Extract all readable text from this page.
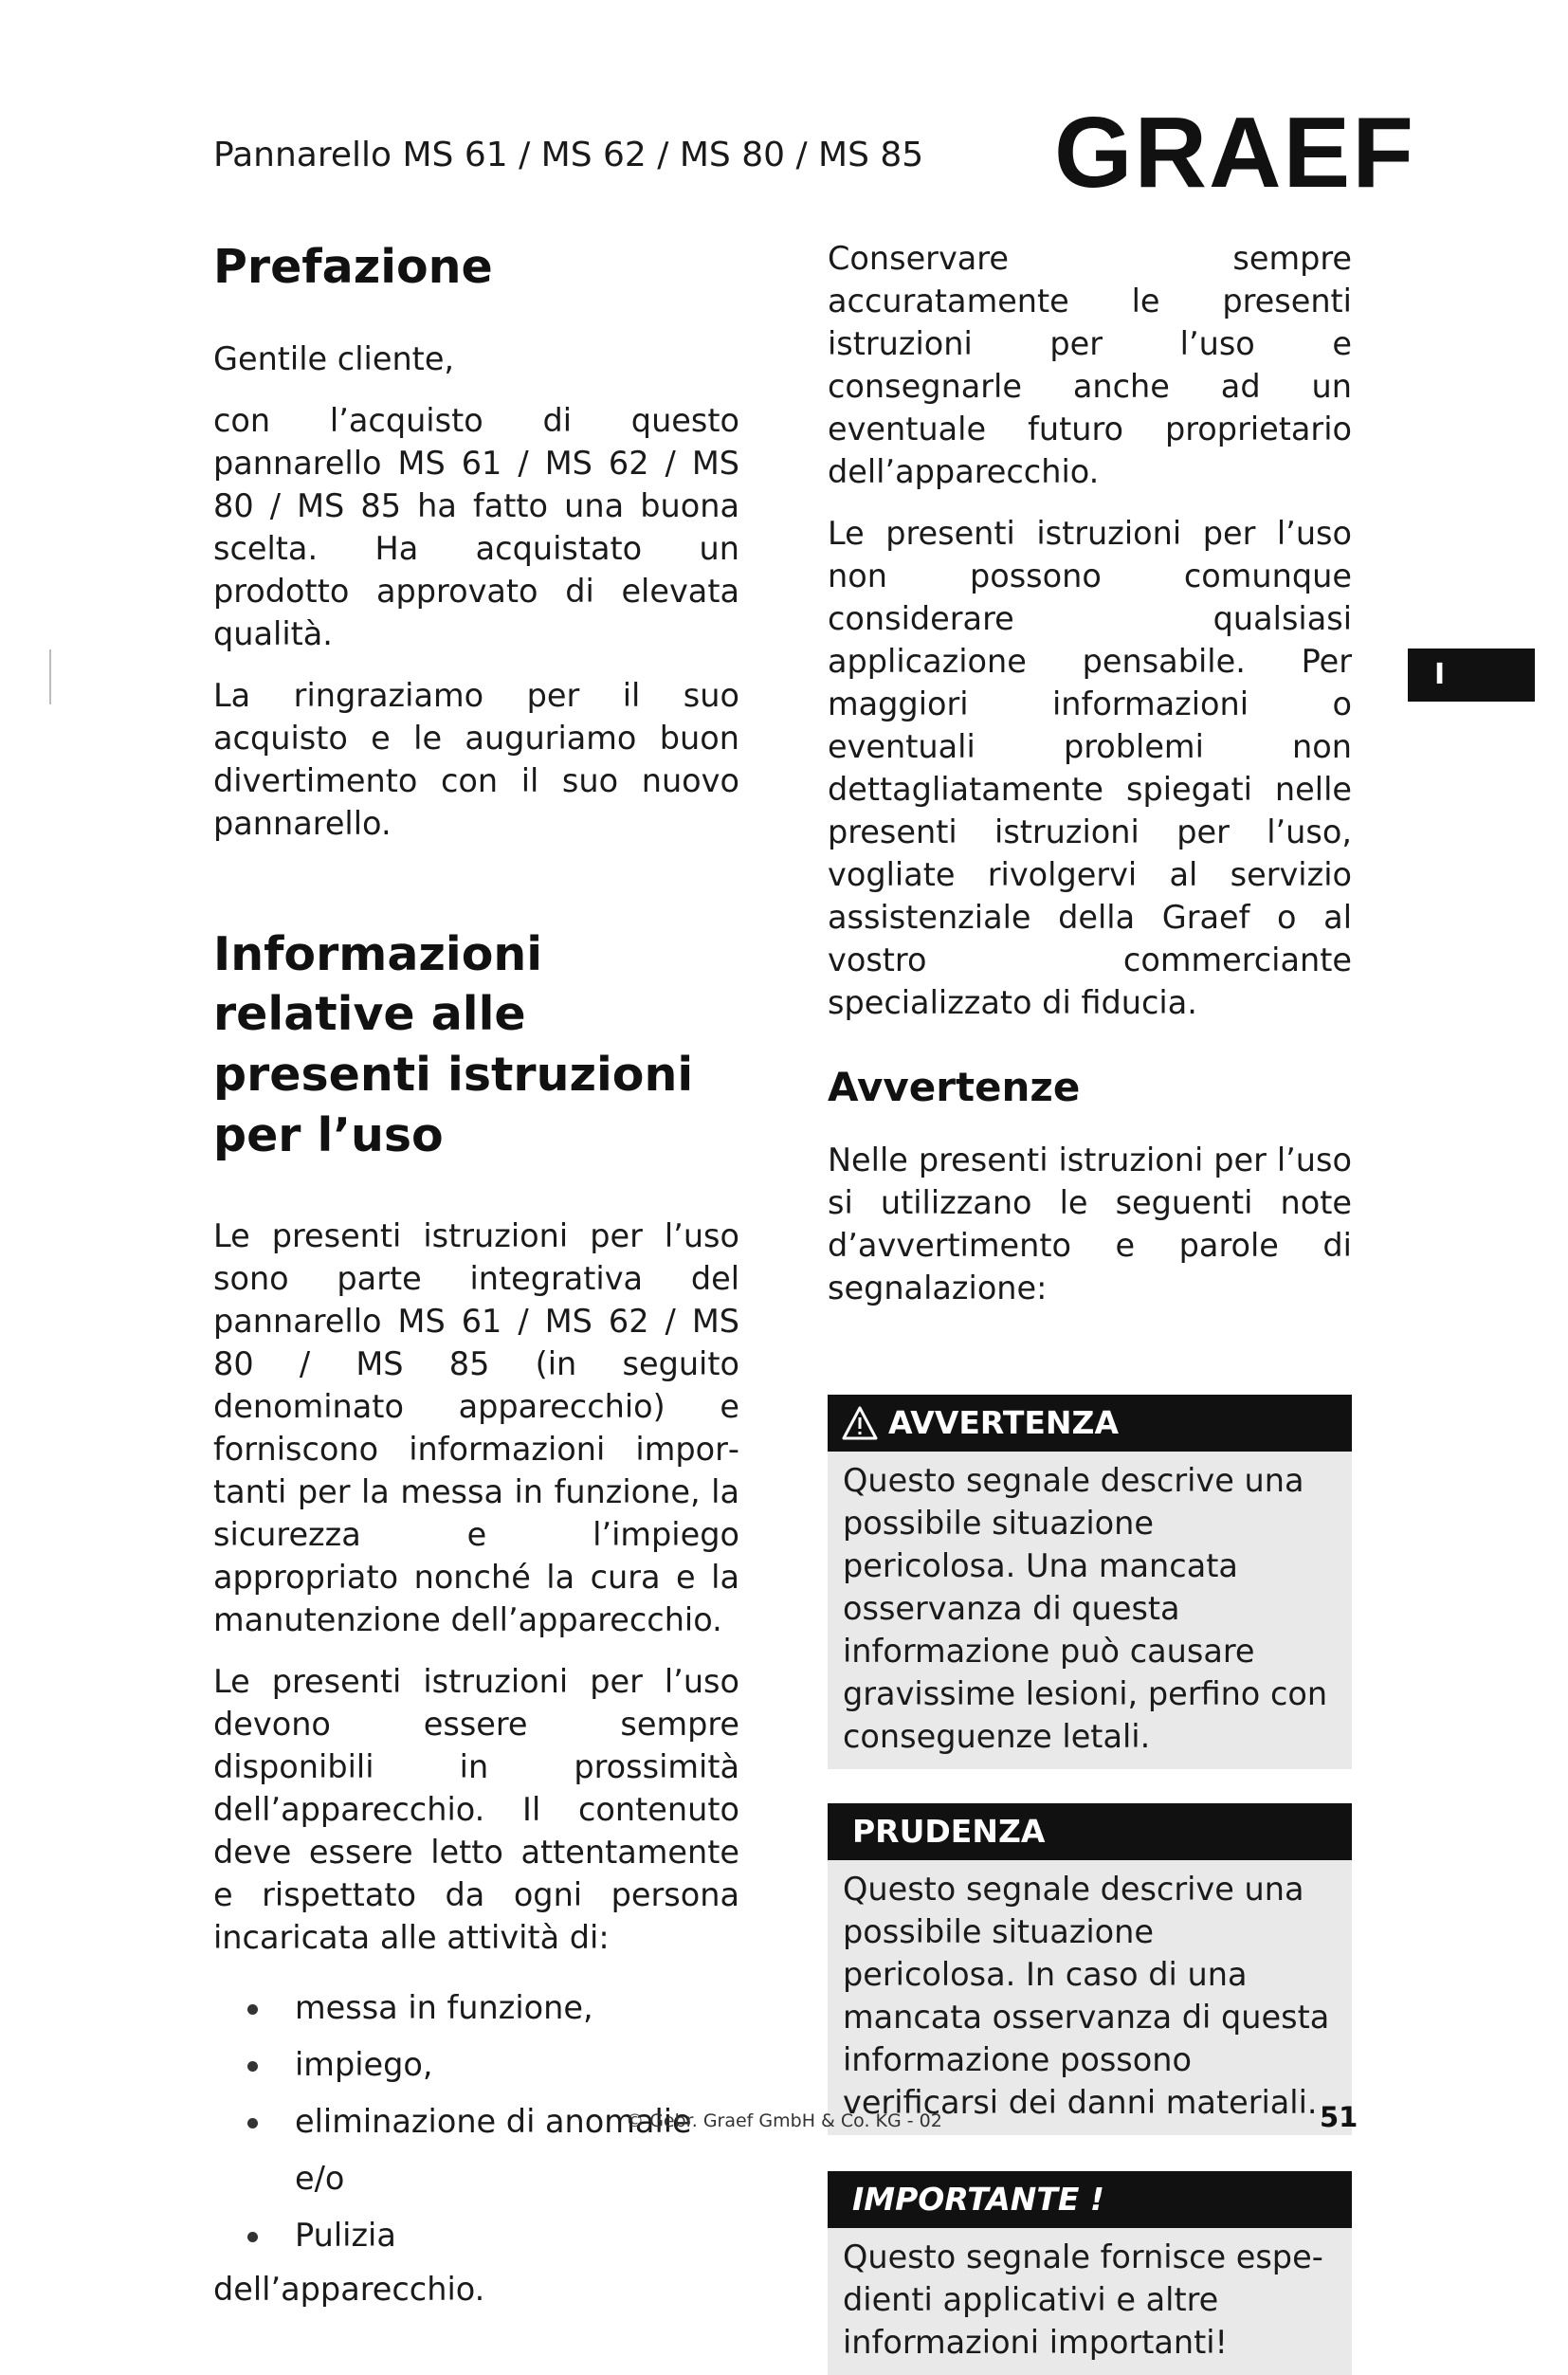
Pannarello MS 61 / MS 62 / MS 80 / MS 85 GRAEF
I
Prefazione

Gentile cliente,

con l’acquisto di questo pannarello MS 61 / MS 62 / MS 80 / MS 85 ha fatto una buona scelta. Ha acquistato un prodotto approvato di elevata qualità.

La ringraziamo per il suo acquisto e le auguriamo buon divertimento con il suo nuovo pannarello.

Informazioni relative alle presenti istruzioni per l’uso

Le presenti istruzioni per l’uso sono parte integrativa del pannarello MS 61 / MS 62 / MS 80 / MS 85 (in seguito denominato apparecchio) e forniscono informazioni importanti per la messa in funzione, la sicurezza e l’impiego appropriato nonché la cura e la manutenzione dell’apparecchio.

Le presenti istruzioni per l’uso devono essere sempre disponibili in prossimità dell’apparecchio. Il contenuto deve essere letto attentamente e rispettato da ogni persona incaricata alle attività di:

messa in funzione,
impiego,
eliminazione di anomalie e/o
Pulizia

dell’apparecchio.

Conservare sempre accuratamente le presenti istruzioni per l’uso e consegnarle anche ad un eventuale futuro proprietario dell’apparecchio.

Le presenti istruzioni per l’uso non possono comunque considerare qualsiasi applicazione pensabile. Per maggiori informazioni o eventuali problemi non dettagliatamente spiegati nelle presenti istruzioni per l’uso, vogliate rivolgervi al servizio assistenziale della Graef o al vostro commerciante specializzato di fiducia.

Avvertenze

Nelle presenti istruzioni per l’uso si utilizzano le seguenti note d’avvertimento e parole di segnalazione:

AVVERTENZA
Questo segnale descrive una possibile situazione pericolosa. Una mancata osservanza di questa informazione può causare gravissime lesioni, perfino con conseguenze letali.
PRUDENZA
Questo segnale descrive una possibile situazione pericolosa. In caso di una mancata osservanza di questa informazione possono verificarsi dei danni materiali.
IMPORTANTE !
Questo segnale fornisce espedienti applicativi e altre informazioni importanti!
© Gebr. Graef GmbH & Co. KG - 02	51
